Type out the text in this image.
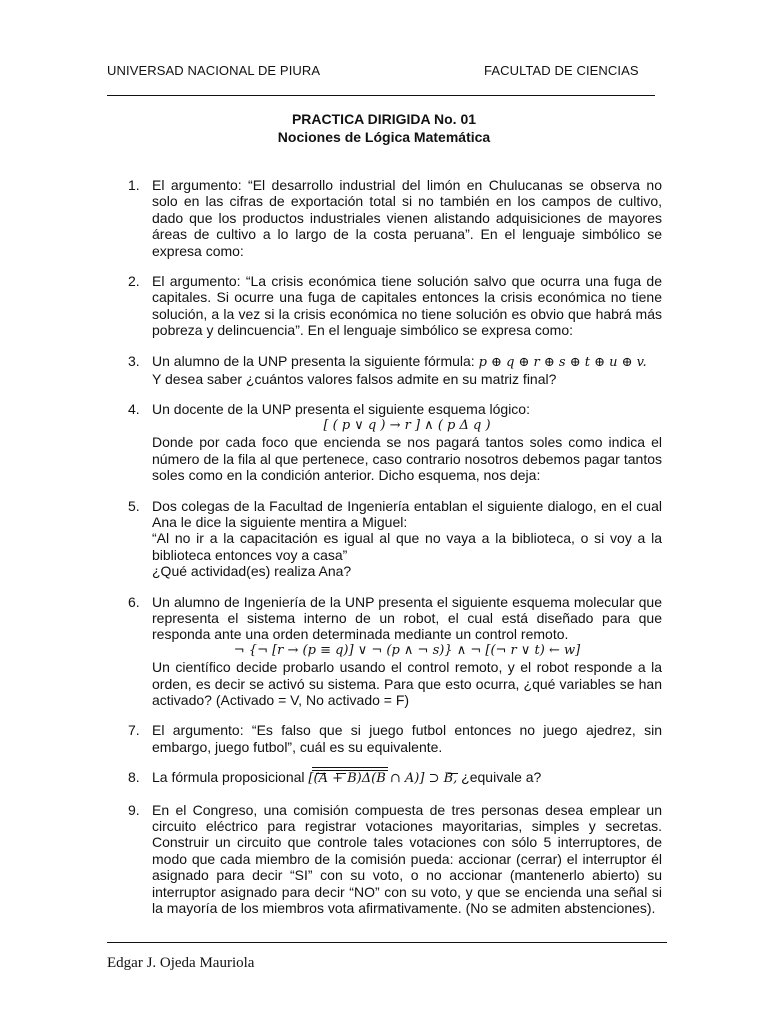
UNIVERSAD NACIONAL DE PIURA	FACULTAD DE CIENCIAS
PRACTICA DIRIGIDA No. 01
Nociones de Lógica Matemática
1. El argumento: “El desarrollo industrial del limón en Chulucanas se observa no solo en las cifras de exportación total si no también en los campos de cultivo, dado que los productos industriales vienen alistando adquisiciones de mayores áreas de cultivo a lo largo de la costa peruana”. En el lenguaje simbólico se expresa como:

2. El argumento: “La crisis económica tiene solución salvo que ocurra una fuga de capitales. Si ocurre una fuga de capitales entonces la crisis económica no tiene solución, a la vez si la crisis económica no tiene solución es obvio que habrá más pobreza y delincuencia”. En el lenguaje simbólico se expresa como:

3. Un alumno de la UNP presenta la siguiente fórmula: p ⊕ q ⊕ r ⊕ s ⊕ t ⊕ u ⊕ v.

Y desea saber ¿cuántos valores falsos admite en su matriz final?

4. Un docente de la UNP presenta el siguiente esquema lógico:

[ ( p ∨ q ) → r ] ∧ ( p Δ q )

Donde por cada foco que encienda se nos pagará tantos soles como indica el número de la fila al que pertenece, caso contrario nosotros debemos pagar tantos soles como en la condición anterior. Dicho esquema, nos deja:

5. Dos colegas de la Facultad de Ingeniería entablan el siguiente dialogo, en el cual Ana le dice la siguiente mentira a Miguel:

“Al no ir a la capacitación es igual al que no vaya a la biblioteca, o si voy a la biblioteca entonces voy a casa”

¿Qué actividad(es) realiza Ana?

6. Un alumno de Ingeniería de la UNP presenta el siguiente esquema molecular que representa el sistema interno de un robot, el cual está diseñado para que responda ante una orden determinada mediante un control remoto.

¬ {¬ [r → (p ≡ q)] ∨ ¬ (p ∧ ¬ s)} ∧ ¬ [(¬ r ∨ t) ← w]

Un científico decide probarlo usando el control remoto, y el robot responde a la orden, es decir se activó su sistema. Para que esto ocurra, ¿qué variables se han activado? (Activado = V, No activado = F)

7. El argumento: “Es falso que si juego futbol entonces no juego ajedrez, sin embargo, juego futbol”, cuál es su equivalente.

8. La fórmula proposicional [(A + B)Δ(B ∩ A)] ⊃ B,
¿equivale a?

9. En el Congreso, una comisión compuesta de tres personas desea emplear un circuito eléctrico para registrar votaciones mayoritarias, simples y secretas. Construir un circuito que controle tales votaciones con sólo 5 interruptores, de modo que cada miembro de la comisión pueda: accionar (cerrar) el interruptor él asignado para decir “SI” con su voto, o no accionar (mantenerlo abierto) su interruptor asignado para decir “NO” con su voto, y que se encienda una señal si la mayoría de los miembros vota afirmativamente. (No se admiten abstenciones).

Edgar J. Ojeda Mauriola
